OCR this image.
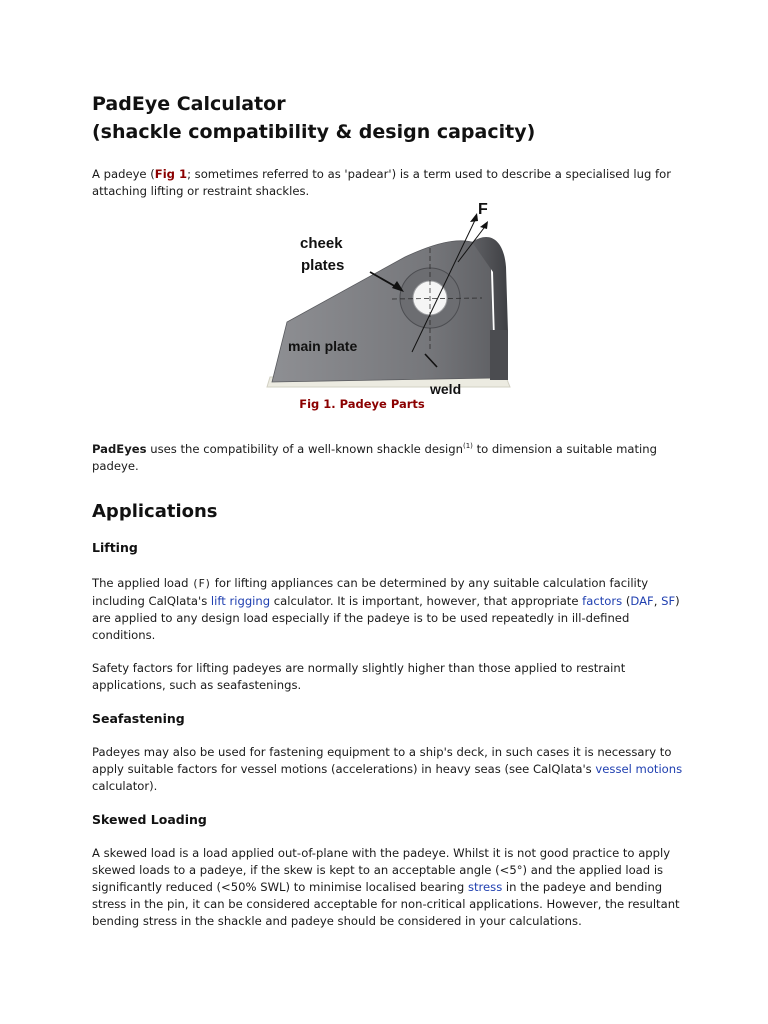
PadEye Calculator
(shackle compatibility & design capacity)

A padeye (Fig 1; sometimes referred to as 'padear') is a term used to describe a specialised lug for attaching lifting or restraint shackles.

F
cheek
plates
main plate
weld
Fig 1. Padeye Parts

PadEyes uses the compatibility of a well-known shackle design$^{(1)}$ to dimension a suitable mating padeye.

Applications
Lifting

The applied load (F) for lifting appliances can be determined by any suitable calculation facility including CalQlata's lift rigging calculator. It is important, however, that appropriate factors (DAF, SF) are applied to any design load especially if the padeye is to be used repeatedly in ill-defined conditions.

Safety factors for lifting padeyes are normally slightly higher than those applied to restraint applications, such as seafastenings.

Seafastening

Padeyes may also be used for fastening equipment to a ship's deck, in such cases it is necessary to apply suitable factors for vessel motions (accelerations) in heavy seas (see CalQlata's vessel motions calculator).

Skewed Loading

A skewed load is a load applied out-of-plane with the padeye. Whilst it is not good practice to apply skewed loads to a padeye, if the skew is kept to an acceptable angle (<5°) and the applied load is significantly reduced (<50% SWL) to minimise localised bearing stress in the padeye and bending stress in the pin, it can be considered acceptable for non-critical applications. However, the resultant bending stress in the shackle and padeye should be considered in your calculations.
